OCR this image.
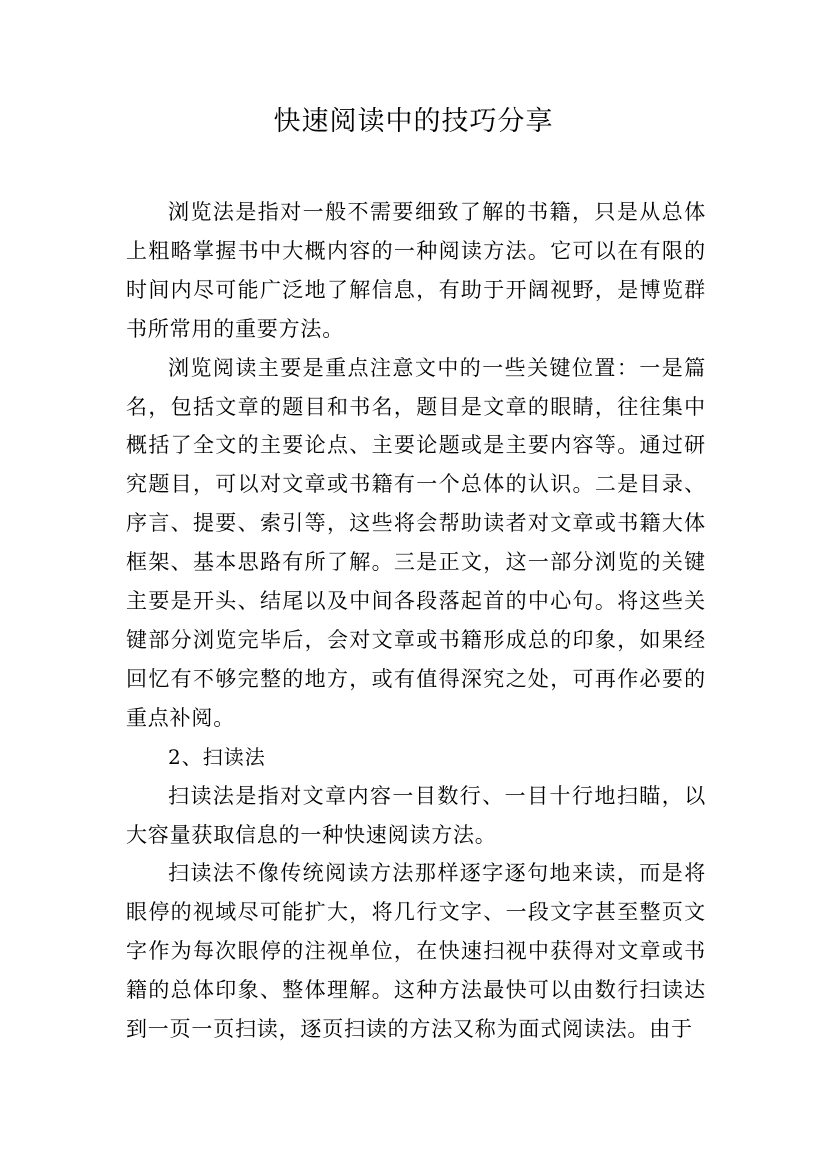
快速阅读中的技巧分享

浏览法是指对一般不需要细致了解的书籍，只是从总体上粗略掌握书中大概内容的一种阅读方法。它可以在有限的时间内尽可能广泛地了解信息，有助于开阔视野，是博览群书所常用的重要方法。

浏览阅读主要是重点注意文中的一些关键位置：一是篇名，包括文章的题目和书名，题目是文章的眼睛，往往集中概括了全文的主要论点、主要论题或是主要内容等。通过研究题目，可以对文章或书籍有一个总体的认识。二是目录、序言、提要、索引等，这些将会帮助读者对文章或书籍大体框架、基本思路有所了解。三是正文，这一部分浏览的关键主要是开头、结尾以及中间各段落起首的中心句。将这些关键部分浏览完毕后，会对文章或书籍形成总的印象，如果经回忆有不够完整的地方，或有值得深究之处，可再作必要的重点补阅。

2、扫读法

扫读法是指对文章内容一目数行、一目十行地扫瞄，以大容量获取信息的一种快速阅读方法。

扫读法不像传统阅读方法那样逐字逐句地来读，而是将眼停的视域尽可能扩大，将几行文字、一段文字甚至整页文字作为每次眼停的注视单位，在快速扫视中获得对文章或书籍的总体印象、整体理解。这种方法最快可以由数行扫读达到一页一页扫读，逐页扫读的方法又称为面式阅读法。由于
